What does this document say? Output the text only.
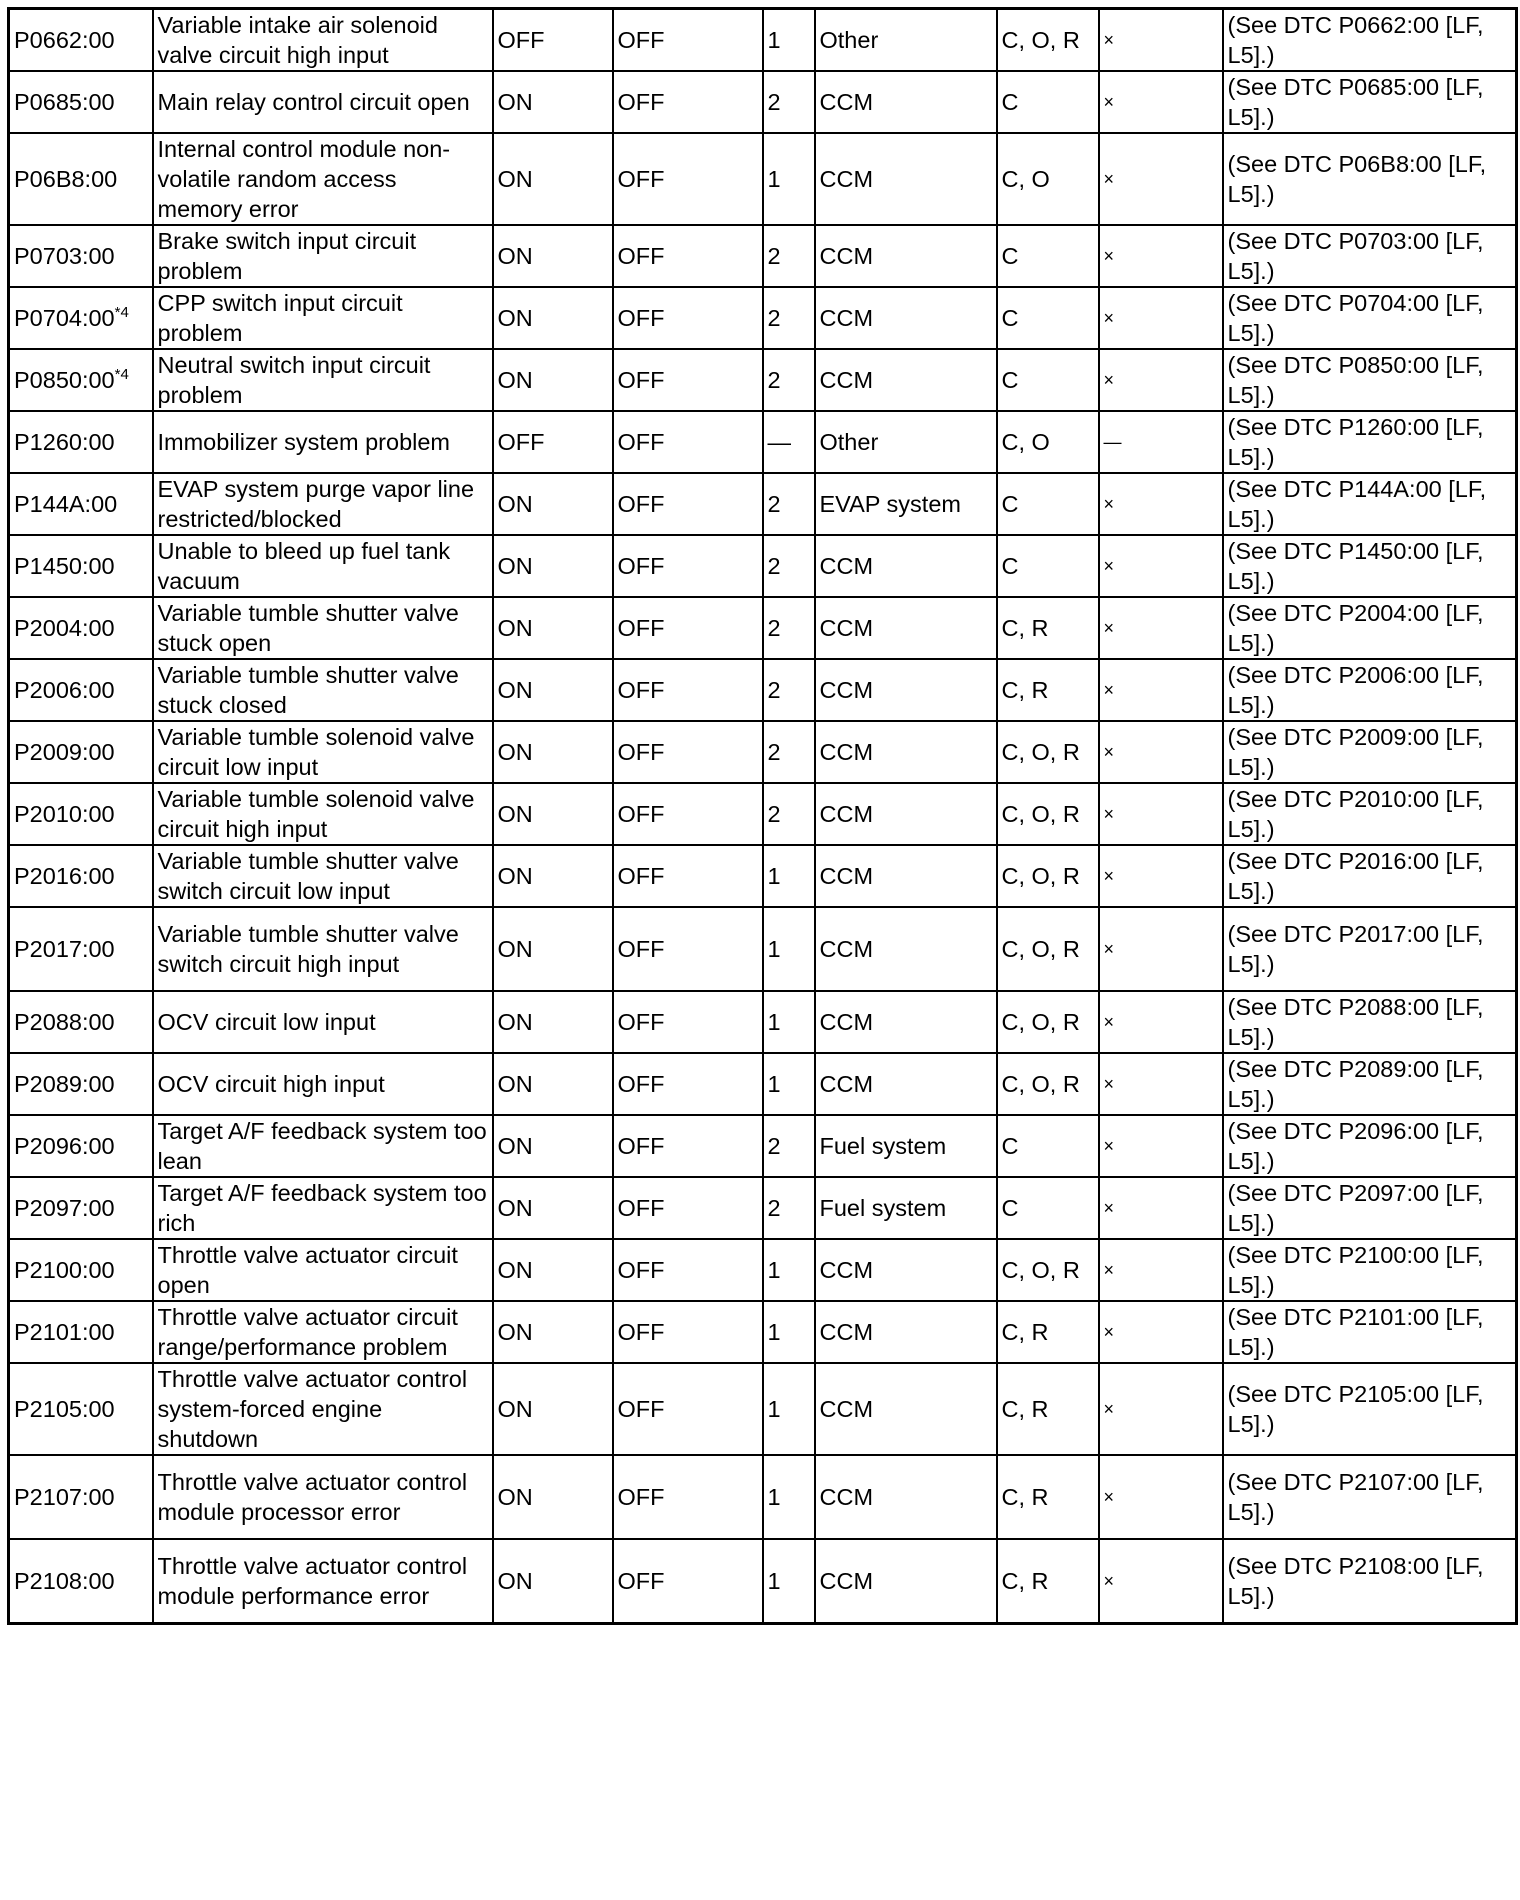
P0662:00	Variable intake air solenoid valve circuit high input	OFF	OFF	1	Other	C, O, R	×	(See DTC P0662:00 [LF, L5].)
P0685:00	Main relay control circuit open	ON	OFF	2	CCM	C	×	(See DTC P0685:00 [LF, L5].)
P06B8:00	Internal control module non-volatile random access memory error	ON	OFF	1	CCM	C, O	×	(See DTC P06B8:00 [LF, L5].)
P0703:00	Brake switch input circuit problem	ON	OFF	2	CCM	C	×	(See DTC P0703:00 [LF, L5].)
P0704:00$^{*4}$	CPP switch input circuit problem	ON	OFF	2	CCM	C	×	(See DTC P0704:00 [LF, L5].)
P0850:00$^{*4}$	Neutral switch input circuit problem	ON	OFF	2	CCM	C	×	(See DTC P0850:00 [LF, L5].)
P1260:00	Immobilizer system problem	OFF	OFF	—	Other	C, O	—	(See DTC P1260:00 [LF, L5].)
P144A:00	EVAP system purge vapor line restricted/blocked	ON	OFF	2	EVAP system	C	×	(See DTC P144A:00 [LF, L5].)
P1450:00	Unable to bleed up fuel tank vacuum	ON	OFF	2	CCM	C	×	(See DTC P1450:00 [LF, L5].)
P2004:00	Variable tumble shutter valve stuck open	ON	OFF	2	CCM	C, R	×	(See DTC P2004:00 [LF, L5].)
P2006:00	Variable tumble shutter valve stuck closed	ON	OFF	2	CCM	C, R	×	(See DTC P2006:00 [LF, L5].)
P2009:00	Variable tumble solenoid valve circuit low input	ON	OFF	2	CCM	C, O, R	×	(See DTC P2009:00 [LF, L5].)
P2010:00	Variable tumble solenoid valve circuit high input	ON	OFF	2	CCM	C, O, R	×	(See DTC P2010:00 [LF, L5].)
P2016:00	Variable tumble shutter valve switch circuit low input	ON	OFF	1	CCM	C, O, R	×	(See DTC P2016:00 [LF, L5].)
P2017:00	Variable tumble shutter valve switch circuit high input	ON	OFF	1	CCM	C, O, R	×	(See DTC P2017:00 [LF, L5].)
P2088:00	OCV circuit low input	ON	OFF	1	CCM	C, O, R	×	(See DTC P2088:00 [LF, L5].)
P2089:00	OCV circuit high input	ON	OFF	1	CCM	C, O, R	×	(See DTC P2089:00 [LF, L5].)
P2096:00	Target A/F feedback system too lean	ON	OFF	2	Fuel system	C	×	(See DTC P2096:00 [LF, L5].)
P2097:00	Target A/F feedback system too rich	ON	OFF	2	Fuel system	C	×	(See DTC P2097:00 [LF, L5].)
P2100:00	Throttle valve actuator circuit open	ON	OFF	1	CCM	C, O, R	×	(See DTC P2100:00 [LF, L5].)
P2101:00	Throttle valve actuator circuit range/performance problem	ON	OFF	1	CCM	C, R	×	(See DTC P2101:00 [LF, L5].)
P2105:00	Throttle valve actuator control system-forced engine shutdown	ON	OFF	1	CCM	C, R	×	(See DTC P2105:00 [LF, L5].)
P2107:00	Throttle valve actuator control module processor error	ON	OFF	1	CCM	C, R	×	(See DTC P2107:00 [LF, L5].)
P2108:00	Throttle valve actuator control module performance error	ON	OFF	1	CCM	C, R	×	(See DTC P2108:00 [LF, L5].)
